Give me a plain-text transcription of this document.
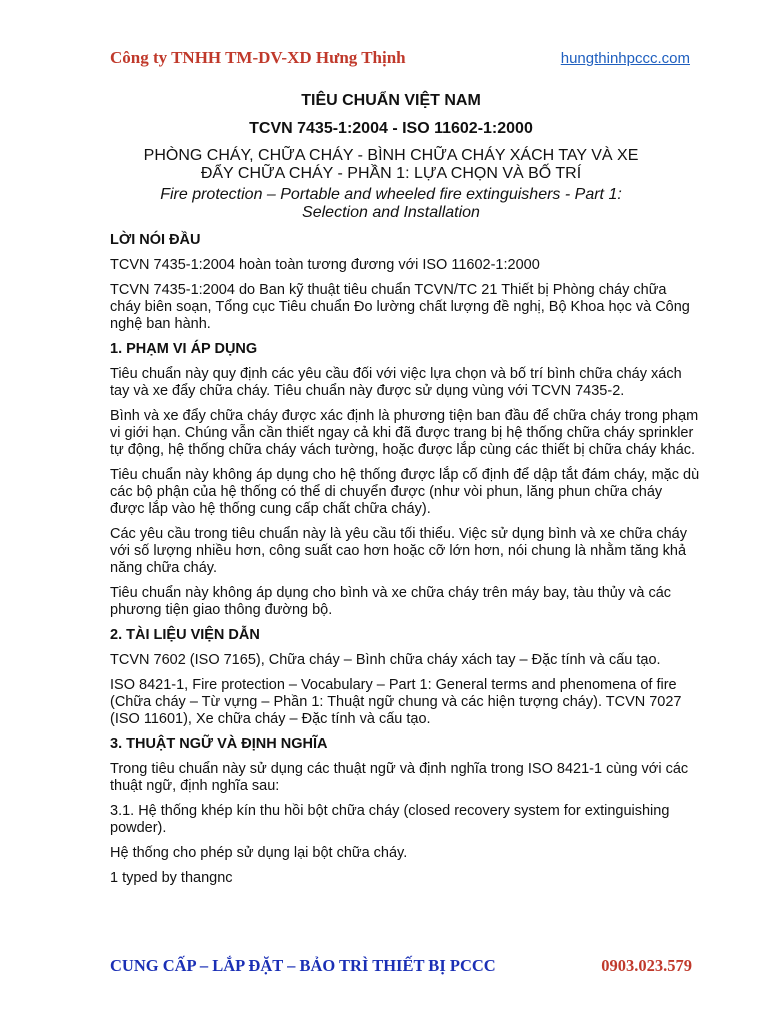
Công ty TNHH TM-DV-XD Hưng Thịnh	hungthinhpccc.com
TIÊU CHUẨN VIỆT NAM
TCVN 7435-1:2004 - ISO 11602-1:2000
PHÒNG CHÁY, CHỮA CHÁY - BÌNH CHỮA CHÁY XÁCH TAY VÀ XE
ĐẨY CHỮA CHÁY - PHẦN 1: LỰA CHỌN VÀ BỐ TRÍ
Fire protection – Portable and wheeled fire extinguishers - Part 1:
Selection and Installation
LỜI NÓI ĐẦU
TCVN 7435-1:2004 hoàn toàn tương đương với ISO 11602-1:2000
TCVN 7435-1:2004 do Ban kỹ thuật tiêu chuẩn TCVN/TC 21 Thiết bị Phòng cháy chữa cháy biên soạn, Tổng cục Tiêu chuẩn Đo lường chất lượng đề nghị, Bộ Khoa học và Công nghệ ban hành.
1. PHẠM VI ÁP DỤNG
Tiêu chuẩn này quy định các yêu cầu đối với việc lựa chọn và bố trí bình chữa cháy xách tay và xe đẩy chữa cháy. Tiêu chuẩn này được sử dụng vùng với TCVN 7435-2.
Bình và xe đẩy chữa cháy được xác định là phương tiện ban đầu để chữa cháy trong phạm vi giới hạn. Chúng vẫn cần thiết ngay cả khi đã được trang bị hệ thống chữa cháy sprinkler tự động, hệ thống chữa cháy vách tường, hoặc được lắp cùng các thiết bị chữa cháy khác.
Tiêu chuẩn này không áp dụng cho hệ thống được lắp cố định để dập tắt đám cháy, mặc dù các bộ phận của hệ thống có thể di chuyển được (như vòi phun, lăng phun chữa cháy được lắp vào hệ thống cung cấp chất chữa cháy).
Các yêu cầu trong tiêu chuẩn này là yêu cầu tối thiểu. Việc sử dụng bình và xe chữa cháy với số lượng nhiều hơn, công suất cao hơn hoặc cỡ lớn hơn, nói chung là nhằm tăng khả năng chữa cháy.
Tiêu chuẩn này không áp dụng cho bình và xe chữa cháy trên máy bay, tàu thủy và các phương tiện giao thông đường bộ.
2. TÀI LIỆU VIỆN DẪN
TCVN 7602 (ISO 7165), Chữa cháy – Bình chữa cháy xách tay – Đặc tính và cấu tạo.
ISO 8421-1, Fire protection – Vocabulary – Part 1: General terms and phenomena of fire (Chữa cháy – Từ vựng – Phần 1: Thuật ngữ chung và các hiện tượng cháy). TCVN 7027 (ISO 11601), Xe chữa cháy – Đặc tính và cấu tạo.
3. THUẬT NGỮ VÀ ĐỊNH NGHĨA
Trong tiêu chuẩn này sử dụng các thuật ngữ và định nghĩa trong ISO 8421-1 cùng với các thuật ngữ, định nghĩa sau:
3.1. Hệ thống khép kín thu hồi bột chữa cháy (closed recovery system for extinguishing powder).
Hệ thống cho phép sử dụng lại bột chữa cháy.
1 typed by thangnc
CUNG CẤP – LẮP ĐẶT – BẢO TRÌ THIẾT BỊ PCCC	0903.023.579
